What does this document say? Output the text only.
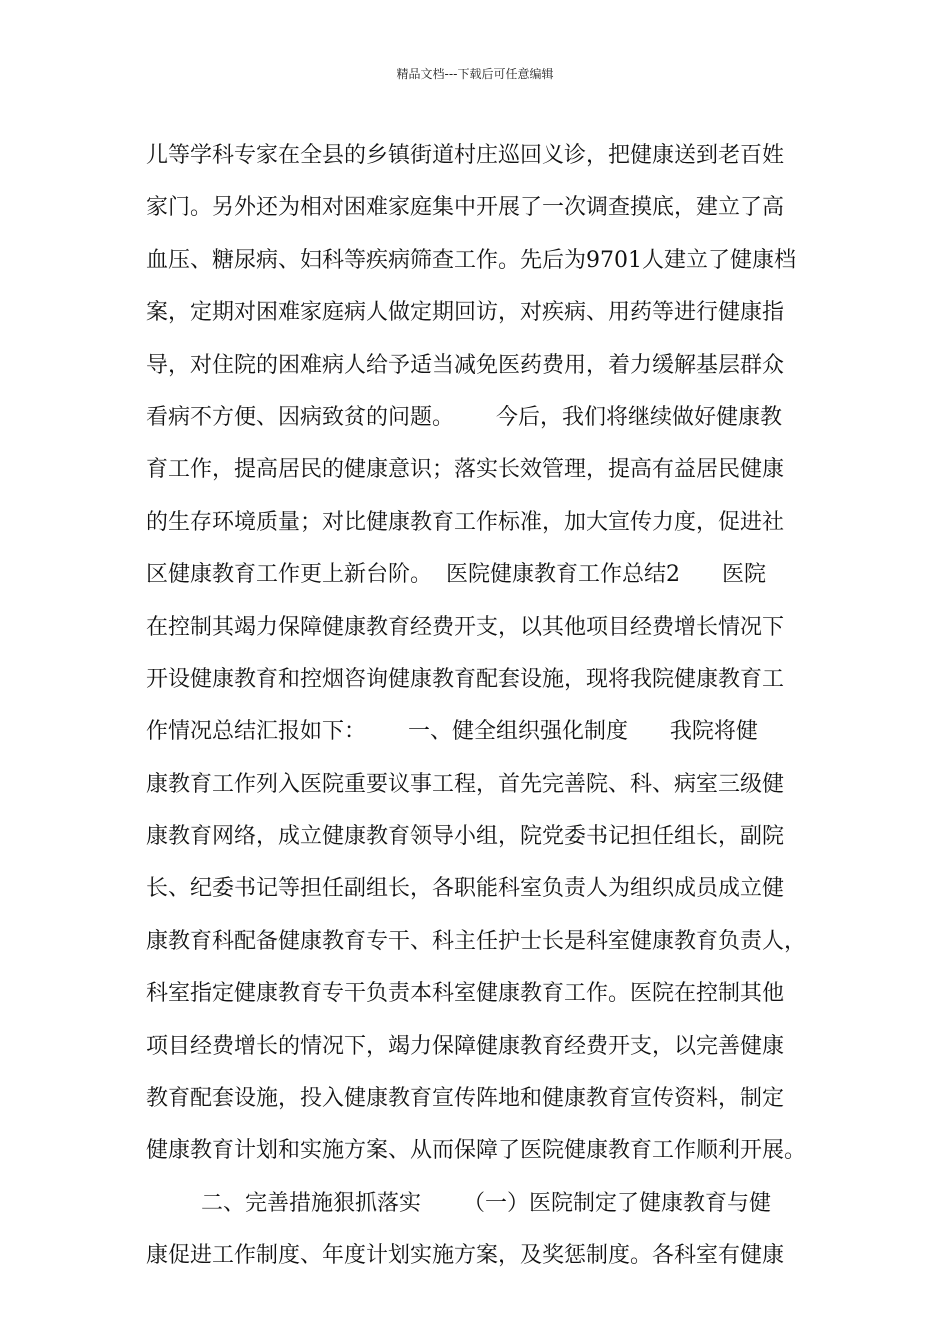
精品文档---下载后可任意编辑
儿等学科专家在全县的乡镇街道村庄巡回义诊，把健康送到老百姓
家门。另外还为相对困难家庭集中开展了一次调查摸底，建立了高
血压、糖尿病、妇科等疾病筛查工作。先后为9701人建立了健康档
案，定期对困难家庭病人做定期回访，对疾病、用药等进行健康指
导，对住院的困难病人给予适当减免医药费用，着力缓解基层群众
看病不方便、因病致贫的问题。      今后，我们将继续做好健康教
育工作，提高居民的健康意识；落实长效管理，提高有益居民健康
的生存环境质量；对比健康教育工作标准，加大宣传力度，促进社
区健康教育工作更上新台阶。  医院健康教育工作总结2      医院
在控制其竭力保障健康教育经费开支，以其他项目经费增长情况下
开设健康教育和控烟咨询健康教育配套设施，现将我院健康教育工
作情况总结汇报如下：      一、健全组织强化制度      我院将健
康教育工作列入医院重要议事工程，首先完善院、科、病室三级健
康教育网络，成立健康教育领导小组，院党委书记担任组长，副院
长、纪委书记等担任副组长，各职能科室负责人为组织成员成立健
康教育科配备健康教育专干、科主任护士长是科室健康教育负责人，
科室指定健康教育专干负责本科室健康教育工作。医院在控制其他
项目经费增长的情况下，竭力保障健康教育经费开支，以完善健康
教育配套设施，投入健康教育宣传阵地和健康教育宣传资料，制定
健康教育计划和实施方案、从而保障了医院健康教育工作顺利开展。
二、完善措施狠抓落实      （一）医院制定了健康教育与健
康促进工作制度、年度计划实施方案，及奖惩制度。各科室有健康
